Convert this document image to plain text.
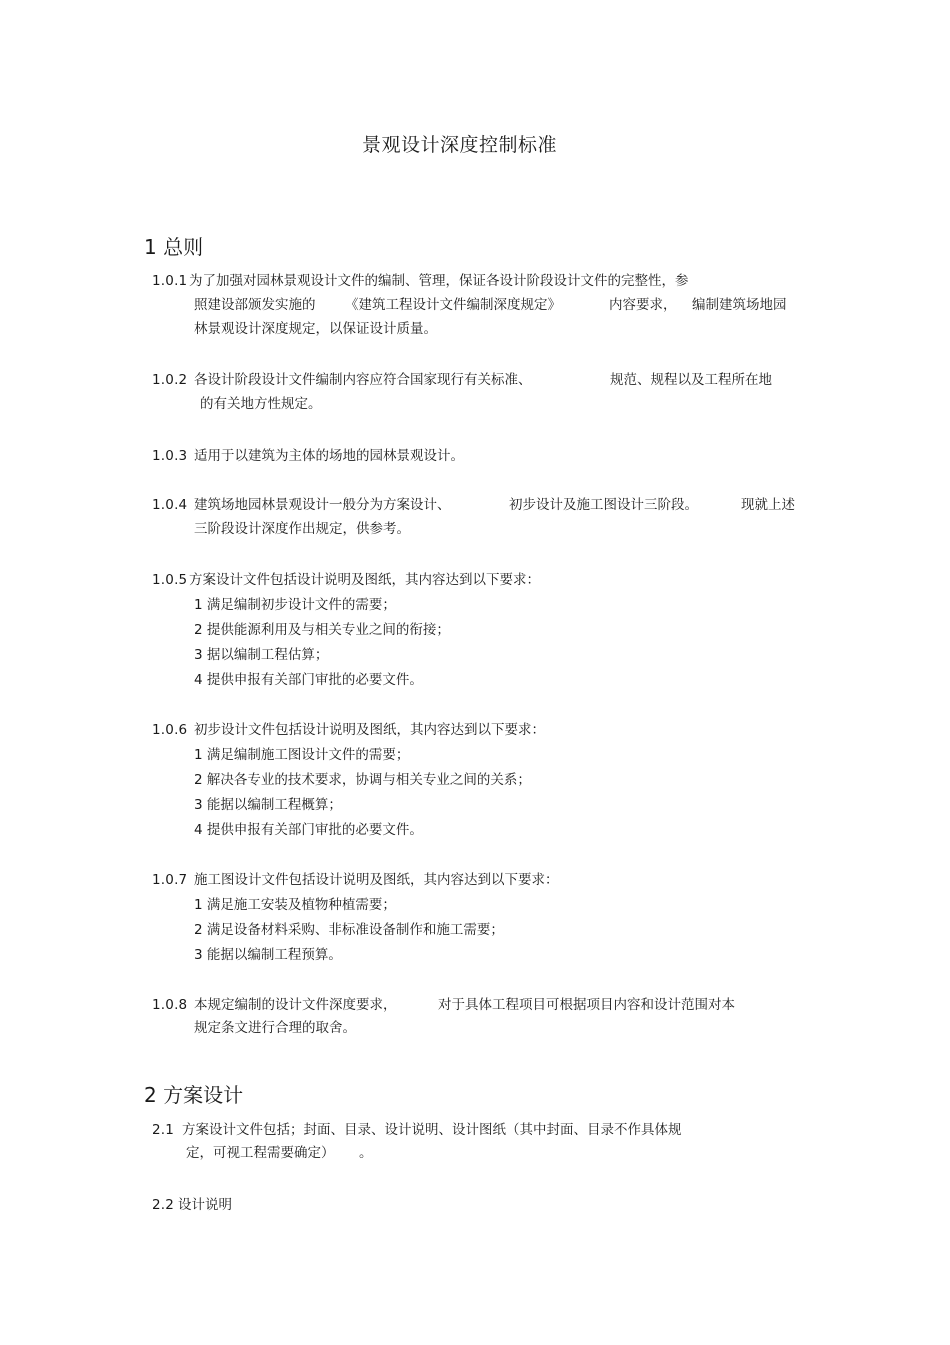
景观设计深度控制标准
1 总则
1.0.1 为了加强对园林景观设计文件的编制、管理，保证各设计阶段设计文件的完整性，参
照建设部颁发实施的 《建筑工程设计文件编制深度规定》	内容要求， 编制建筑场地园
林景观设计深度规定，以保证设计质量。
1.0.2 各设计阶段设计文件编制内容应符合国家现行有关标准、	规范、规程以及工程所在地
的有关地方性规定。
1.0.3 适用于以建筑为主体的场地的园林景观设计。
1.0.4 建筑场地园林景观设计一般分为方案设计、	初步设计及施工图设计三阶段。	现就上述
三阶段设计深度作出规定，供参考。
1.0.5 方案设计文件包括设计说明及图纸，其内容达到以下要求：
1 满足编制初步设计文件的需要；
2 提供能源利用及与相关专业之间的衔接；
3 据以编制工程估算；
4 提供申报有关部门审批的必要文件。
1.0.6 初步设计文件包括设计说明及图纸，其内容达到以下要求：
1 满足编制施工图设计文件的需要；
2 解决各专业的技术要求，协调与相关专业之间的关系；
3 能据以编制工程概算；
4 提供申报有关部门审批的必要文件。
1.0.7 施工图设计文件包括设计说明及图纸，其内容达到以下要求：
1 满足施工安装及植物种植需要；
2 满足设备材料采购、非标准设备制作和施工需要；
3 能据以编制工程预算。
1.0.8 本规定编制的设计文件深度要求，	对于具体工程项目可根据项目内容和设计范围对本
规定条文进行合理的取舍。
2 方案设计
2.1 方案设计文件包括；封面、目录、设计说明、设计图纸（其中封面、目录不作具体规
定，可视工程需要确定） 。
2.2 设计说明
